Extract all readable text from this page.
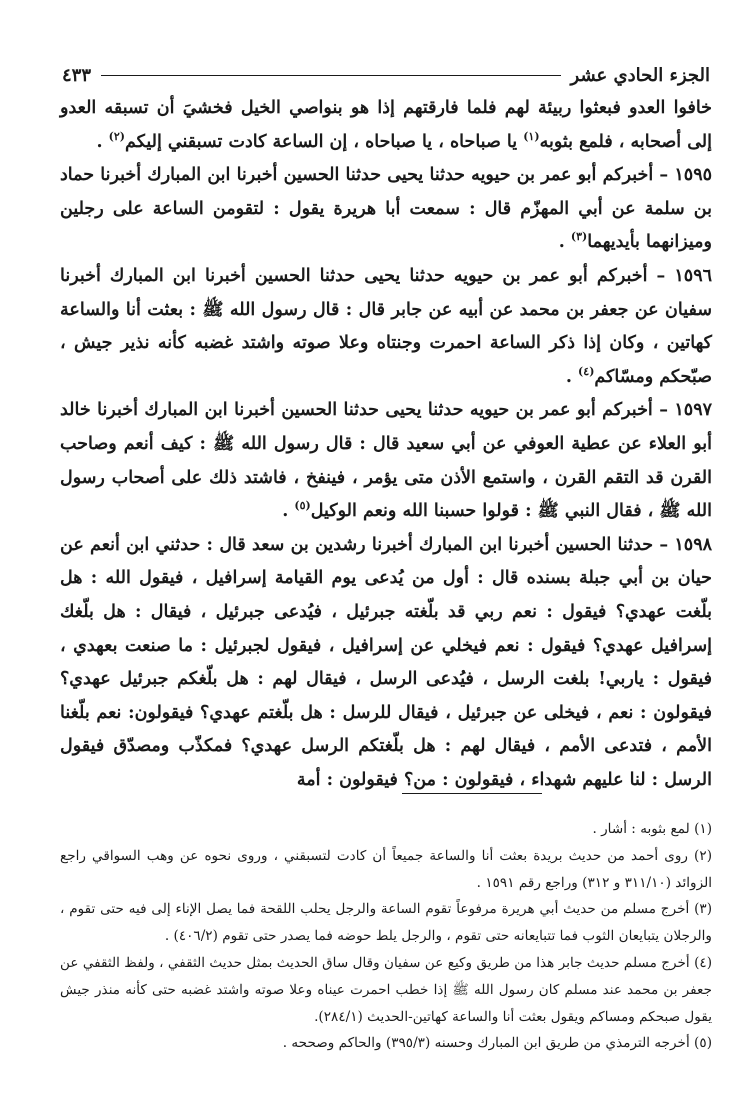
الجزء الحادي عشر
٤٣٣

خافوا العدو فبعثوا ربيئة لهم فلما فارقتهم إذا هو بنواصي الخيل فخشيَ أن تسبقه العدو إلى أصحابه ، فلمع بثوبه$^{(١)}$ يا صباحاه ، يا صباحاه ، إن الساعة كادت تسبقني إليكم$^{(٢)}$ .

١٥٩٥ – أخبركم أبو عمر بن حيويه حدثنا يحيى حدثنا الحسين أخبرنا ابن المبارك أخبرنا حماد بن سلمة عن أبي المهزّم قال : سمعت أبا هريرة يقول : لتقومن الساعة على رجلين وميزانهما بأيديهما$^{(٣)}$ .

١٥٩٦ – أخبركم أبو عمر بن حيويه حدثنا يحيى حدثنا الحسين أخبرنا ابن المبارك أخبرنا سفيان عن جعفر بن محمد عن أبيه عن جابر قال : قال رسول الله ﷺ : بعثت أنا والساعة كهاتين ، وكان إذا ذكر الساعة احمرت وجنتاه وعلا صوته واشتد غضبه كأنه نذير جيش ، صبّحكم ومسّاكم$^{(٤)}$ .

١٥٩٧ – أخبركم أبو عمر بن حيويه حدثنا يحيى حدثنا الحسين أخبرنا ابن المبارك أخبرنا خالد أبو العلاء عن عطية العوفي عن أبي سعيد قال : قال رسول الله ﷺ : كيف أنعم وصاحب القرن قد التقم القرن ، واستمع الأذن متى يؤمر ، فينفخ ، فاشتد ذلك على أصحاب رسول الله ﷺ ، فقال النبي ﷺ : قولوا حسبنا الله ونعم الوكيل$^{(٥)}$ .

١٥٩٨ – حدثنا الحسين أخبرنا ابن المبارك أخبرنا رشدين بن سعد قال : حدثني ابن أنعم عن حيان بن أبي جبلة بسنده قال : أول من يُدعى يوم القيامة إسرافيل ، فيقول الله : هل بلّغت عهدي؟ فيقول : نعم ربي قد بلّغته جبرئيل ، فيُدعى جبرئيل ، فيقال : هل بلّغك إسرافيل عهدي؟ فيقول : نعم فيخلي عن إسرافيل ، فيقول لجبرئيل : ما صنعت بعهدي ، فيقول : ياربي! بلغت الرسل ، فيُدعى الرسل ، فيقال لهم : هل بلّغكم جبرئيل عهدي؟ فيقولون : نعم ، فيخلى عن جبرئيل ، فيقال للرسل : هل بلّغتم عهدي؟ فيقولون: نعم بلّغنا الأمم ، فتدعى الأمم ، فيقال لهم : هل بلّغتكم الرسل عهدي؟ فمكذّب ومصدّق فيقول الرسل : لنا عليهم شهداء ، فيقولون : من؟ فيقولون : أمة

(١) لمع بثوبه : أشار .

(٢) روى أحمد من حديث بريدة بعثت أنا والساعة جميعاً أن كادت لتسبقني ، وروى نحوه عن وهب السواقي راجع الزوائد (٣١١/١٠ و ٣١٢) وراجع رقم ١٥٩١ .

(٣) أخرج مسلم من حديث أبي هريرة مرفوعاً تقوم الساعة والرجل يحلب اللقحة فما يصل الإناء إلى فيه حتى تقوم ، والرجلان يتبايعان الثوب فما تتبايعانه حتى تقوم ، والرجل يلط حوضه فما يصدر حتى تقوم (٤٠٦/٢) .

(٤) أخرج مسلم حديث جابر هذا من طريق وكيع عن سفيان وقال ساق الحديث بمثل حديث الثقفي ، ولفظ الثقفي عن جعفر بن محمد عند مسلم كان رسول الله ﷺ إذا خطب احمرت عيناه وعلا صوته واشتد غضبه حتى كأنه منذر جيش يقول صبحكم ومساكم ويقول بعثت أنا والساعة كهاتين-الحديث (٢٨٤/١).

(٥) أخرجه الترمذي من طريق ابن المبارك وحسنه (٣٩٥/٣) والحاكم وصححه .
